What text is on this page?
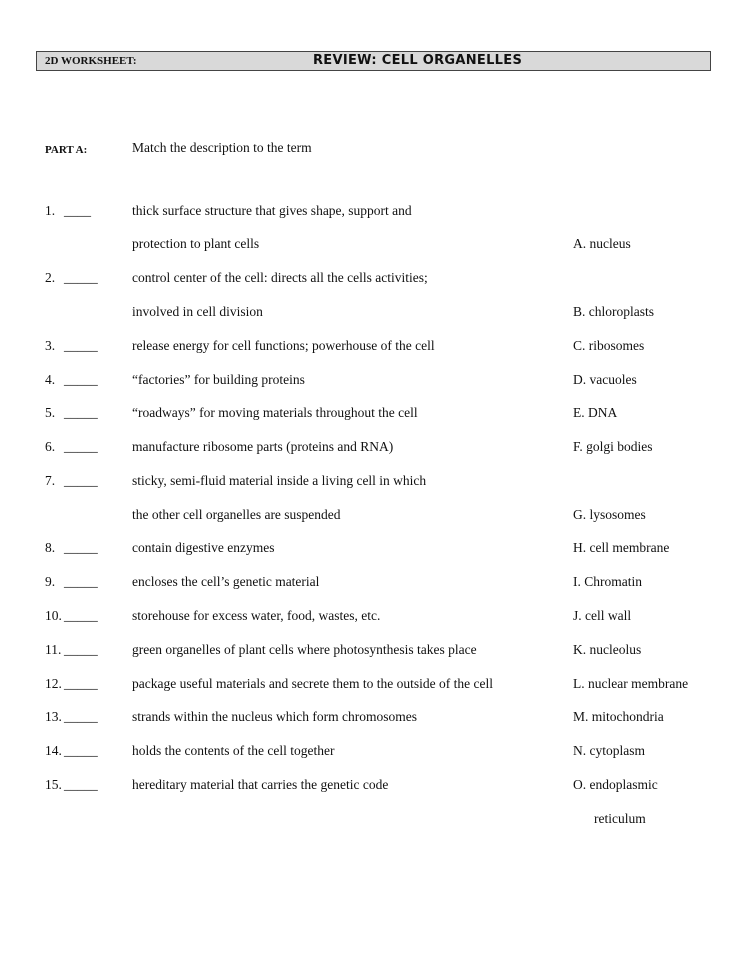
2D WORKSHEET:	REVIEW: CELL ORGANELLES
PART A:	Match the description to the term
1. ____	thick surface structure that gives shape, support and
protection to plant cells
2. _____	control center of the cell: directs all the cells activities;
involved in cell division
3. _____	release energy for cell functions; powerhouse of the cell
4. _____	“factories” for building proteins
5. _____	“roadways” for moving materials throughout the cell
6. _____	manufacture ribosome parts (proteins and RNA)
7. _____	sticky, semi-fluid material inside a living cell in which
the other cell organelles are suspended
8. _____	contain digestive enzymes
9. _____	encloses the cell’s genetic material
10. _____	storehouse for excess water, food, wastes, etc.
11. _____	green organelles of plant cells where photosynthesis takes place
12. _____	package useful materials and secrete them to the outside of the cell
13. _____	strands within the nucleus which form chromosomes
14. _____	holds the contents of the cell together
15. _____	hereditary material that carries the genetic code
A. nucleus
B. chloroplasts
C. ribosomes
D. vacuoles
E. DNA
F. golgi bodies
G. lysosomes
H. cell membrane
I. Chromatin
J. cell wall
K. nucleolus
L. nuclear membrane
M. mitochondria
N. cytoplasm
O. endoplasmic
reticulum
